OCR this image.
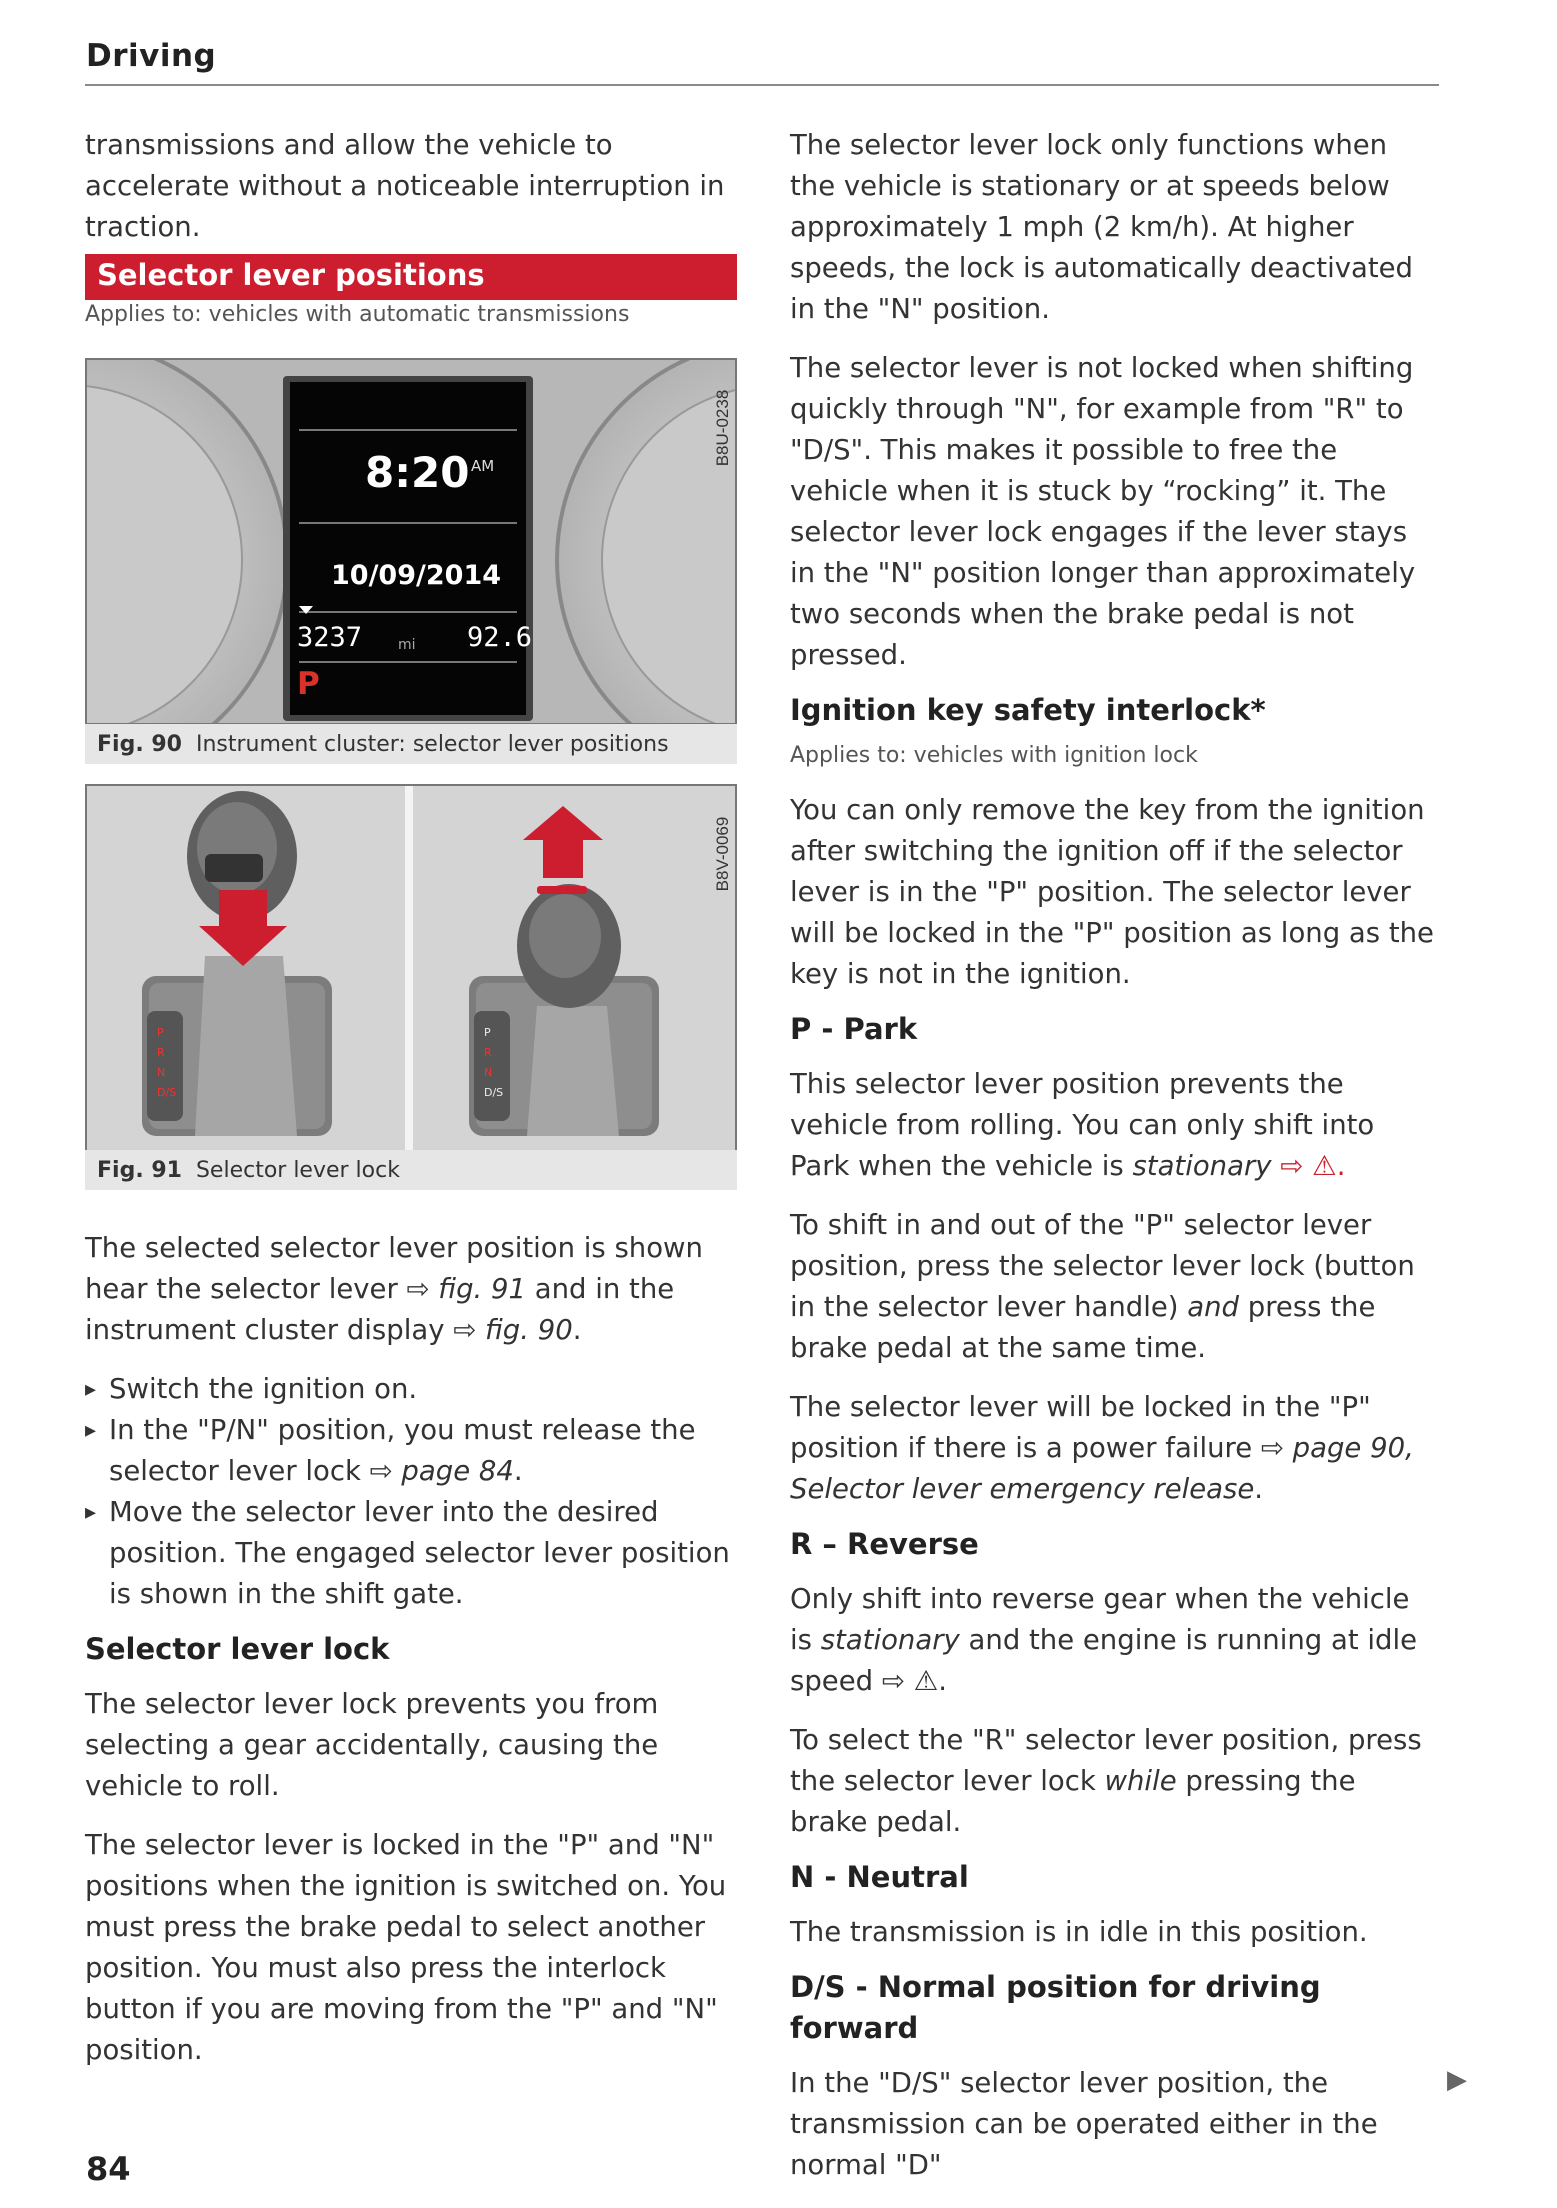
Driving

transmissions and allow the vehicle to accelerate without a noticeable interruption in traction.

Selector lever positions
Applies to: vehicles with automatic transmissions
8:20 AM
10/09/2014
3237	mi 92.6
P
B8U-0238
Fig. 90 Instrument cluster: selector lever positions
P
R
N
D/S
P
R
N
D/S
B8V-0069
Fig. 91 Selector lever lock

The selected selector lever position is shown hear the selector lever ⇨ fig. 91 and in the instrument cluster display ⇨ fig. 90.

▸ Switch the ignition on.

▸ In the "P/N" position, you must release the selector lever lock ⇨ page 84.

▸ Move the selector lever into the desired position. The engaged selector lever position is shown in the shift gate.

Selector lever lock

The selector lever lock prevents you from selecting a gear accidentally, causing the vehicle to roll.

The selector lever is locked in the "P" and "N" positions when the ignition is switched on. You must press the brake pedal to select another position. You must also press the interlock button if you are moving from the "P" and "N" position.

The selector lever lock only functions when the vehicle is stationary or at speeds below approximately 1 mph (2 km/h). At higher speeds, the lock is automatically deactivated in the "N" position.

The selector lever is not locked when shifting quickly through "N", for example from "R" to "D/S". This makes it possible to free the vehicle when it is stuck by “rocking” it. The selector lever lock engages if the lever stays in the "N" position longer than approximately two seconds when the brake pedal is not pressed.

Ignition key safety interlock*
Applies to: vehicles with ignition lock

You can only remove the key from the ignition after switching the ignition off if the selector lever is in the "P" position. The selector lever will be locked in the "P" position as long as the key is not in the ignition.

P - Park

This selector lever position prevents the vehicle from rolling. You can only shift into Park when the vehicle is stationary ⇨ ⚠.

To shift in and out of the "P" selector lever position, press the selector lever lock (button in the selector lever handle) and press the brake pedal at the same time.

The selector lever will be locked in the "P" position if there is a power failure ⇨ page 90, Selector lever emergency release.

R – Reverse

Only shift into reverse gear when the vehicle is stationary and the engine is running at idle speed ⇨ ⚠.

To select the "R" selector lever position, press the selector lever lock while pressing the brake pedal.

N - Neutral

The transmission is in idle in this position.

D/S - Normal position for driving forward

In the "D/S" selector lever position, the transmission can be operated either in the normal "D"

▶
84
